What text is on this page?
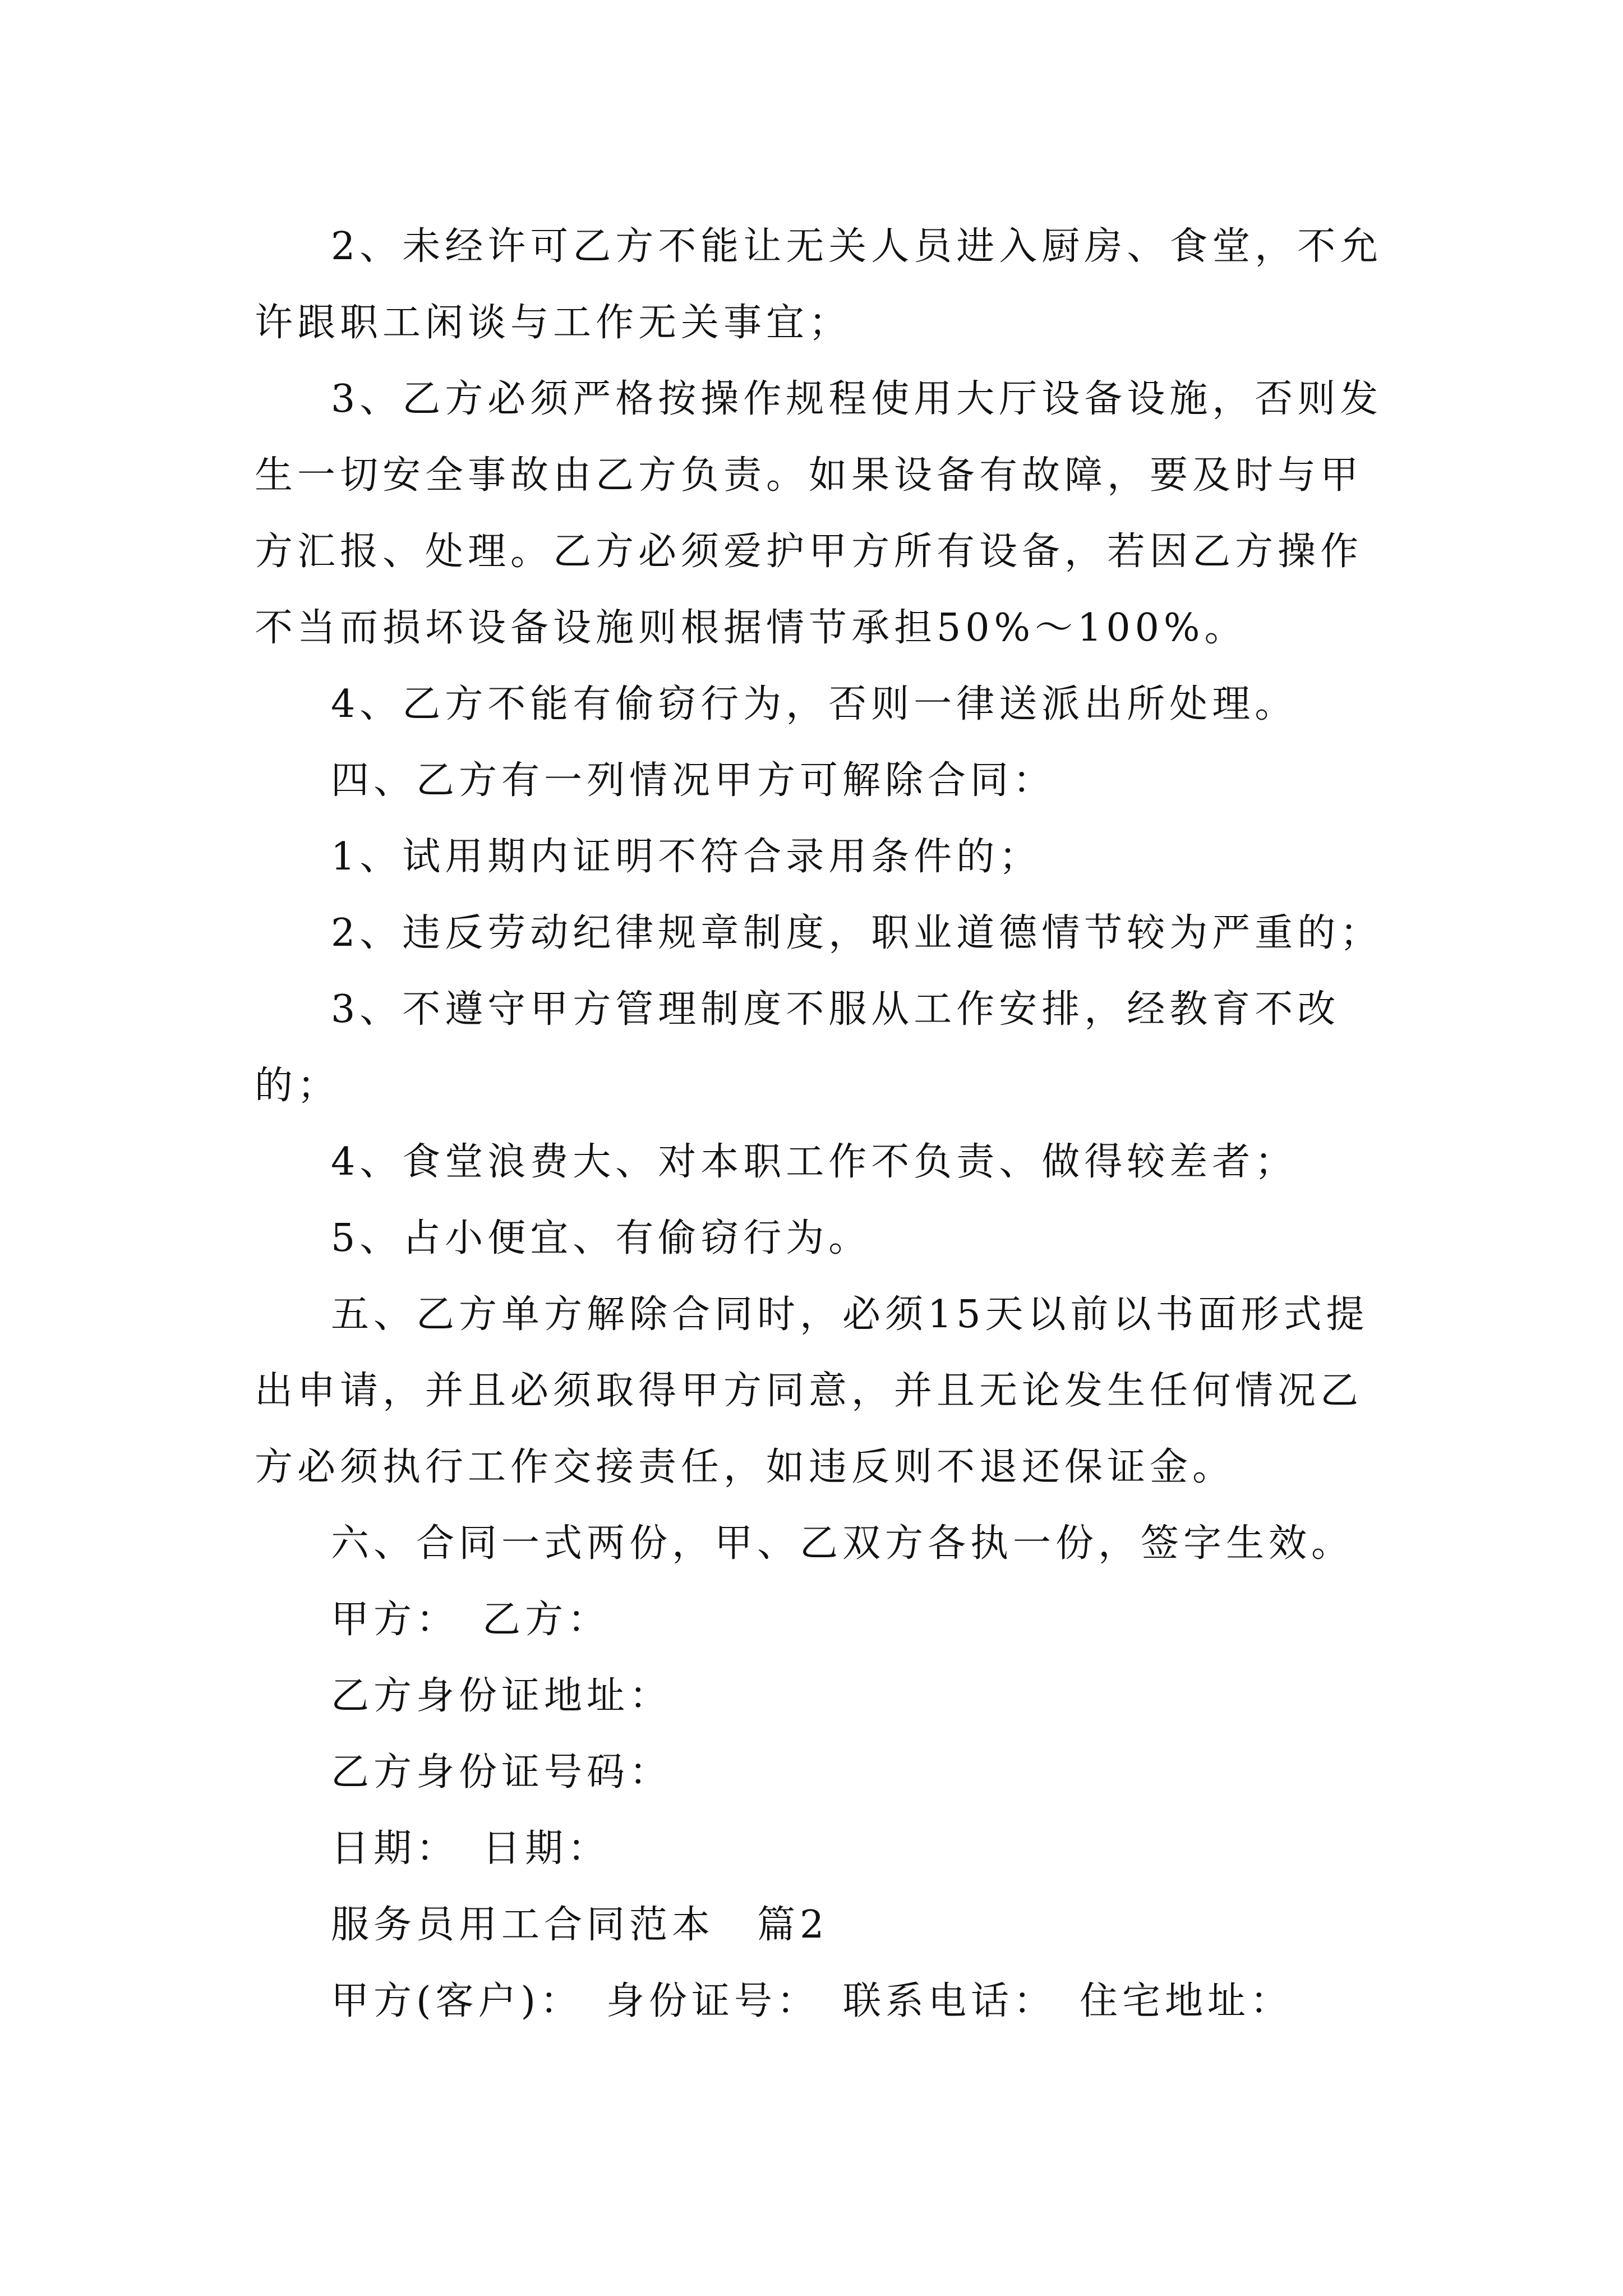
2、未经许可乙方不能让无关人员进入厨房、食堂，不允许跟职工闲谈与工作无关事宜；

3、乙方必须严格按操作规程使用大厅设备设施，否则发生一切安全事故由乙方负责。如果设备有故障，要及时与甲方汇报、处理。乙方必须爱护甲方所有设备，若因乙方操作不当而损坏设备设施则根据情节承担50%～100%。

4、乙方不能有偷窃行为，否则一律送派出所处理。

四、乙方有一列情况甲方可解除合同：

1、试用期内证明不符合录用条件的；

2、违反劳动纪律规章制度，职业道德情节较为严重的；

3、不遵守甲方管理制度不服从工作安排，经教育不改的；

4、食堂浪费大、对本职工作不负责、做得较差者；

5、占小便宜、有偷窃行为。

五、乙方单方解除合同时，必须15天以前以书面形式提出申请，并且必须取得甲方同意，并且无论发生任何情况乙方必须执行工作交接责任，如违反则不退还保证金。

六、合同一式两份，甲、乙双方各执一份，签字生效。

甲方：　乙方：

乙方身份证地址：

乙方身份证号码：

日期：　日期：

服务员用工合同范本　篇2

甲方(客户)：　身份证号：　联系电话：　住宅地址：
